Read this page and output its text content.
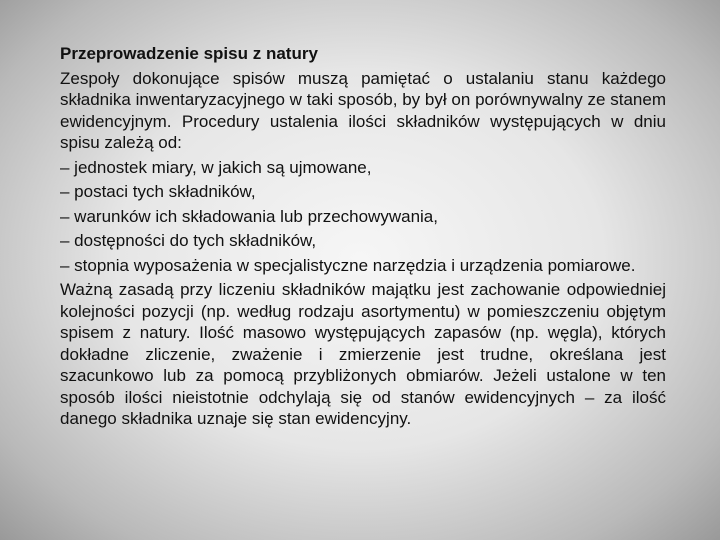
Przeprowadzenie spisu z natury

Zespoły dokonujące spisów muszą pamiętać o ustalaniu stanu każdego składnika inwentaryzacyjnego w taki sposób, by był on porównywalny ze stanem ewidencyjnym. Procedury ustalenia ilości składników występujących w dniu spisu zależą od:

– jednostek miary, w jakich są ujmowane,
– postaci tych składników,
– warunków ich składowania lub przechowywania,
– dostępności do tych składników,
– stopnia wyposażenia w specjalistyczne narzędzia i urządzenia pomiarowe.

Ważną zasadą przy liczeniu składników majątku jest zachowanie odpowiedniej kolejności pozycji (np. według rodzaju asortymentu) w pomieszczeniu objętym spisem z natury. Ilość masowo występujących zapasów (np. węgla), których dokładne zliczenie, zważenie i zmierzenie jest trudne, określana jest szacunkowo lub za pomocą przybliżonych obmiarów. Jeżeli ustalone w ten sposób ilości nieistotnie odchylają się od stanów ewidencyjnych – za ilość danego składnika uznaje się stan ewidencyjny.
